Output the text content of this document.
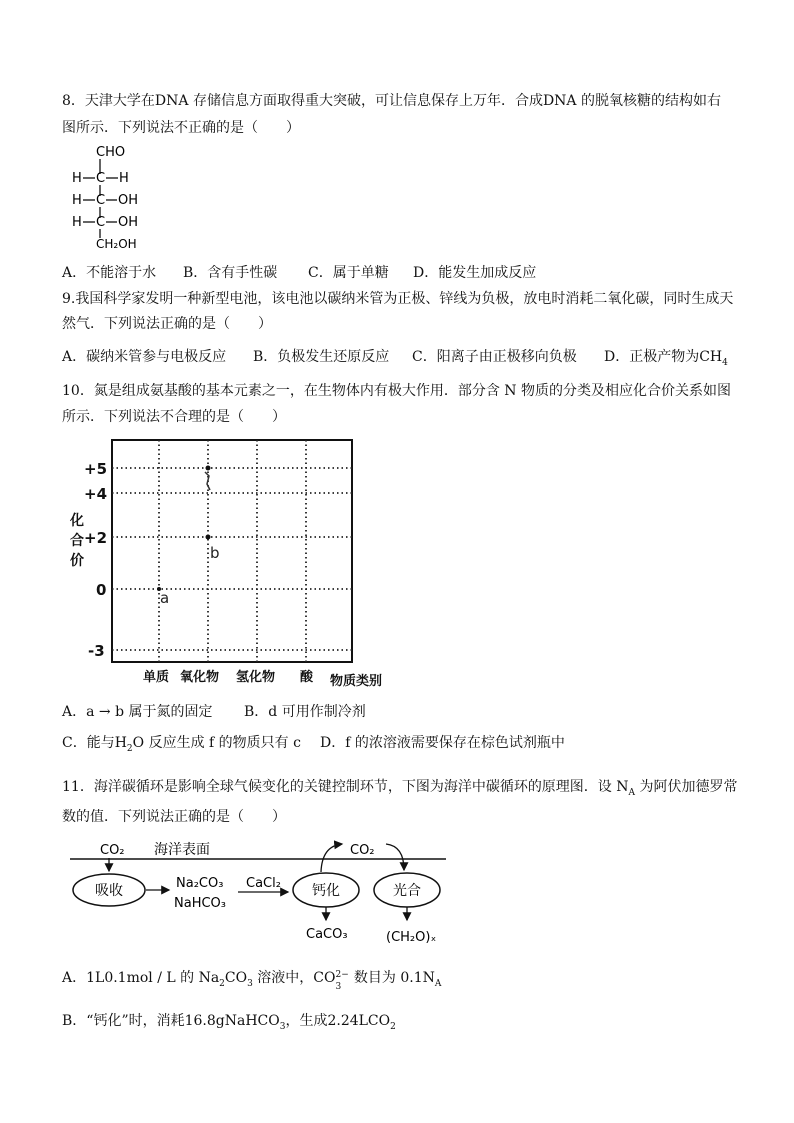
8．天津大学在DNA 存储信息方面取得重大突破，可让信息保存上万年．合成DNA 的脱氧核糖的结构如右
图所示．下列说法不正确的是（　　）
CHO
H C H
H C OH
H C OH
CH₂OH
A．不能溶于水 B．含有手性碳 C．属于单糖 D．能发生加成反应
9.我国科学家发明一种新型电池，该电池以碳纳米管为正极、锌线为负极，放电时消耗二氧化碳，同时生成天
然气．下列说法正确的是（　　）
A．碳纳米管参与电极反应 B．负极发生还原反应 C．阳离子由正极移向负极 D．正极产物为$CH_4$
10．氮是组成氨基酸的基本元素之一，在生物体内有极大作用．部分含 N 物质的分类及相应化合价关系如图
所示．下列说法不合理的是（　　）
+5
+4
+2
0
-3
化
合
价
单质 氧化物 氢化物 酸 物质类别
b
a
A．a → b 属于氮的固定 B．d 可用作制冷剂
C．能与$H_2O$ 反应生成 f 的物质只有 c D．f 的浓溶液需要保存在棕色试剂瓶中
11．海洋碳循环是影响全球气候变化的关键控制环节，下图为海洋中碳循环的原理图．设 $N_A$ 为阿伏加德罗常
数的值．下列说法正确的是（　　）
CO₂ 海洋表面
吸收	Na₂CO₃
NaHCO₃
CaCl₂ 钙化	光合
CO₂
CaCO₃	(CH₂O)ₓ
A．1L0.1mol / L 的 $Na_2CO_3$ 溶液中，CO 2−
3
数目为 $0.1N_A$
B．“钙化”时，消耗16.8gNaHCO$_3$，生成$2.24LCO_2$
